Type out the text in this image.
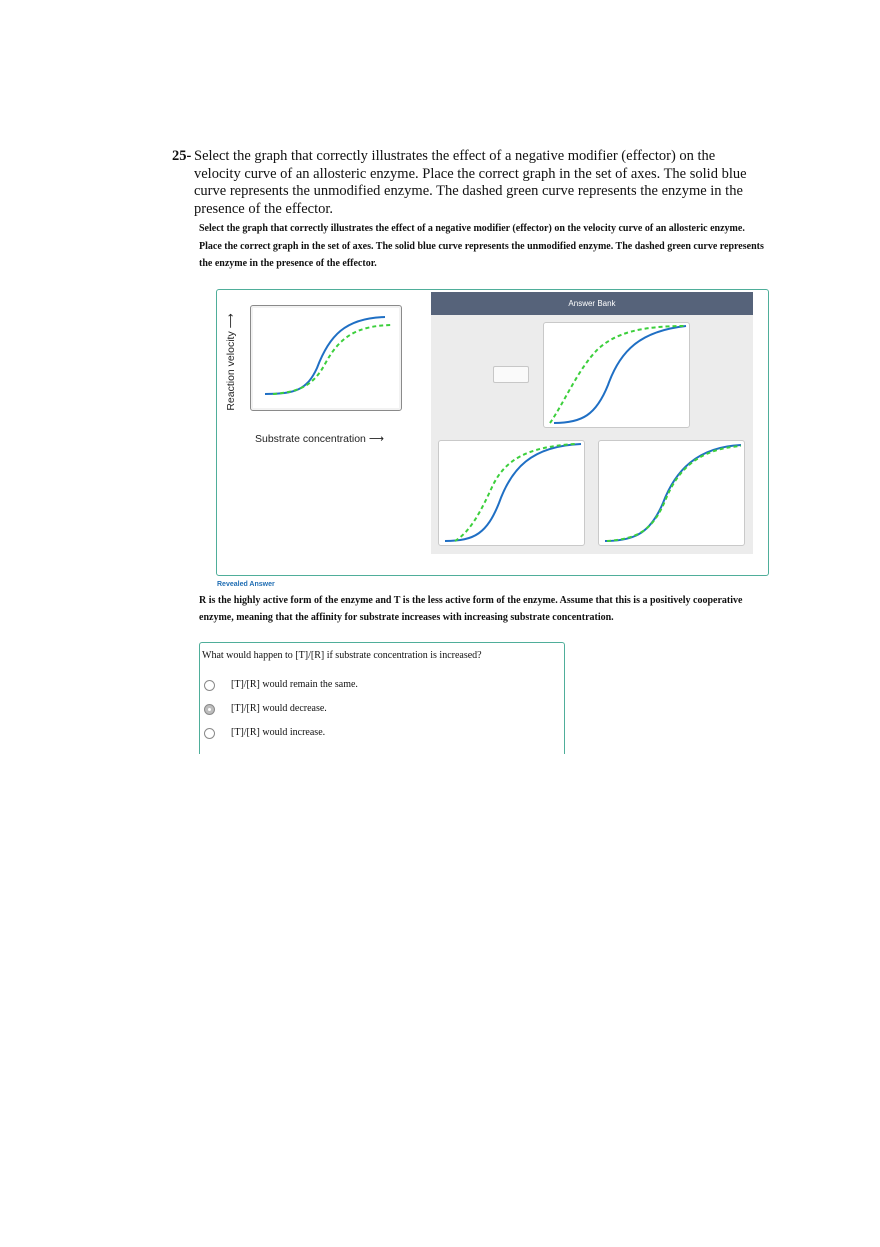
25- Select the graph that correctly illustrates the effect of a negative modifier (effector) on the velocity curve of an allosteric enzyme. Place the correct graph in the set of axes. The solid blue curve represents the unmodified enzyme. The dashed green curve represents the enzyme in the presence of the effector.
Select the graph that correctly illustrates the effect of a negative modifier (effector) on the velocity curve of an allosteric enzyme. Place the correct graph in the set of axes. The solid blue curve represents the unmodified enzyme. The dashed green curve represents the enzyme in the presence of the effector.
Reaction velocity ⟶
Substrate concentration ⟶
Answer Bank
Revealed Answer
R is the highly active form of the enzyme and T is the less active form of the enzyme. Assume that this is a positively cooperative enzyme, meaning that the affinity for substrate increases with increasing substrate concentration.
What would happen to [T]/[R] if substrate concentration is increased?
[T]/[R] would remain the same.
[T]/[R] would decrease.
[T]/[R] would increase.
